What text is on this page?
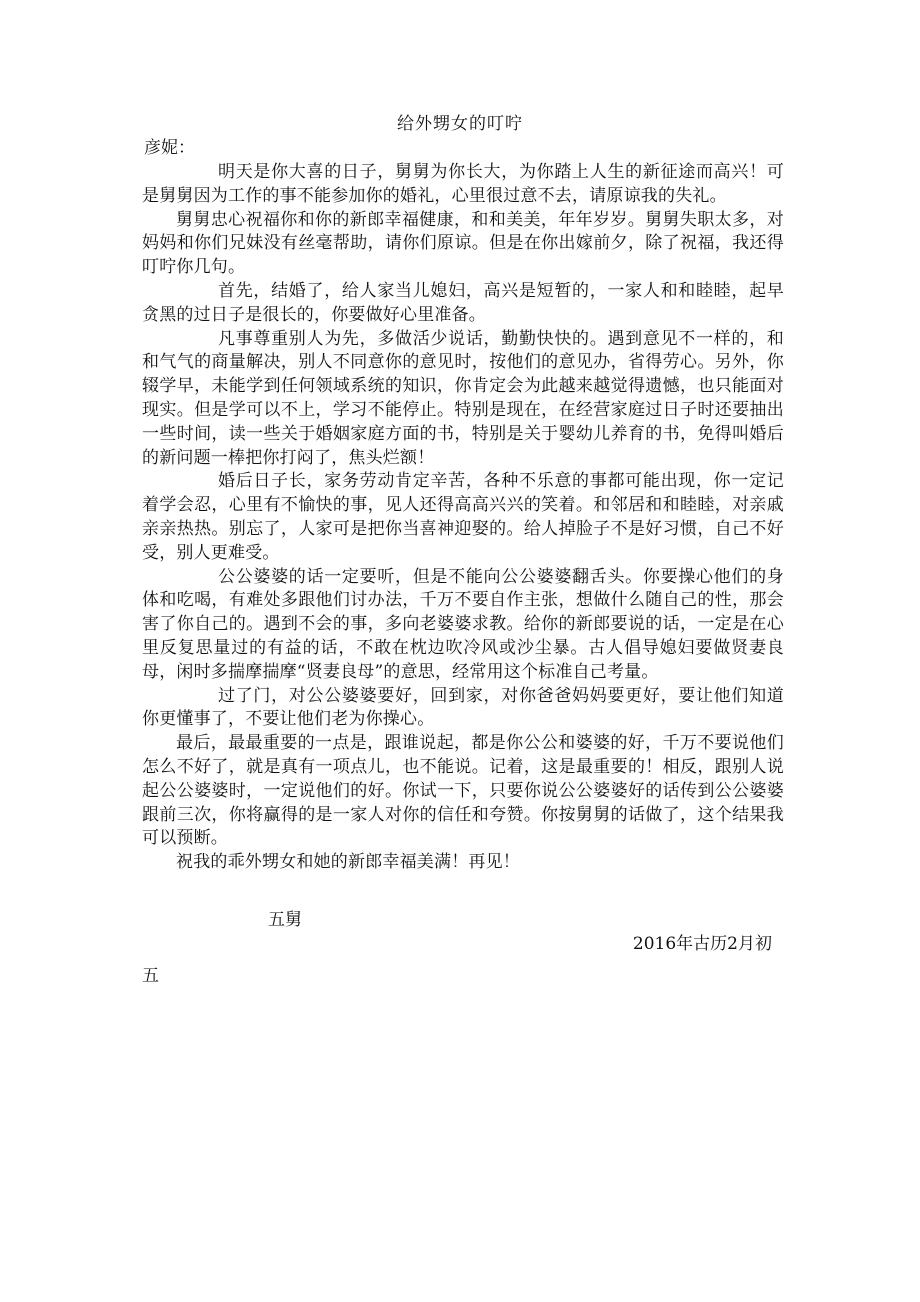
给外甥女的叮咛
彦妮：

明天是你大喜的日子，舅舅为你长大，为你踏上人生的新征途而高兴！可是舅舅因为工作的事不能参加你的婚礼，心里很过意不去，请原谅我的失礼。

舅舅忠心祝福你和你的新郎幸福健康，和和美美，年年岁岁。舅舅失职太多，对妈妈和你们兄妹没有丝毫帮助，请你们原谅。但是在你出嫁前夕，除了祝福，我还得叮咛你几句。

首先，结婚了，给人家当儿媳妇，高兴是短暂的，一家人和和睦睦，起早贪黑的过日子是很长的，你要做好心里准备。

凡事尊重别人为先，多做活少说话，勤勤快快的。遇到意见不一样的，和和气气的商量解决，别人不同意你的意见时，按他们的意见办，省得劳心。另外，你辍学早，未能学到任何领域系统的知识，你肯定会为此越来越觉得遗憾，也只能面对现实。但是学可以不上，学习不能停止。特别是现在，在经营家庭过日子时还要抽出一些时间，读一些关于婚姻家庭方面的书，特别是关于婴幼儿养育的书，免得叫婚后的新问题一棒把你打闷了，焦头烂额！

婚后日子长，家务劳动肯定辛苦，各种不乐意的事都可能出现，你一定记着学会忍，心里有不愉快的事，见人还得高高兴兴的笑着。和邻居和和睦睦，对亲戚亲亲热热。别忘了，人家可是把你当喜神迎娶的。给人掉脸子不是好习惯，自己不好受，别人更难受。

公公婆婆的话一定要听，但是不能向公公婆婆翻舌头。你要操心他们的身体和吃喝，有难处多跟他们讨办法，千万不要自作主张，想做什么随自己的性，那会害了你自己的。遇到不会的事，多向老婆婆求教。给你的新郎要说的话，一定是在心里反复思量过的有益的话，不敢在枕边吹冷风或沙尘暴。古人倡导媳妇要做贤妻良母，闲时多揣摩揣摩“贤妻良母”的意思，经常用这个标准自己考量。

过了门，对公公婆婆要好，回到家，对你爸爸妈妈要更好，要让他们知道你更懂事了，不要让他们老为你操心。

最后，最最重要的一点是，跟谁说起，都是你公公和婆婆的好，千万不要说他们怎么不好了，就是真有一项点儿，也不能说。记着，这是最重要的！相反，跟别人说起公公婆婆时，一定说他们的好。你试一下，只要你说公公婆婆好的话传到公公婆婆跟前三次，你将赢得的是一家人对你的信任和夸赞。你按舅舅的话做了，这个结果我可以预断。

祝我的乖外甥女和她的新郎幸福美满！再见！

五舅
2016年古历2月初
五
